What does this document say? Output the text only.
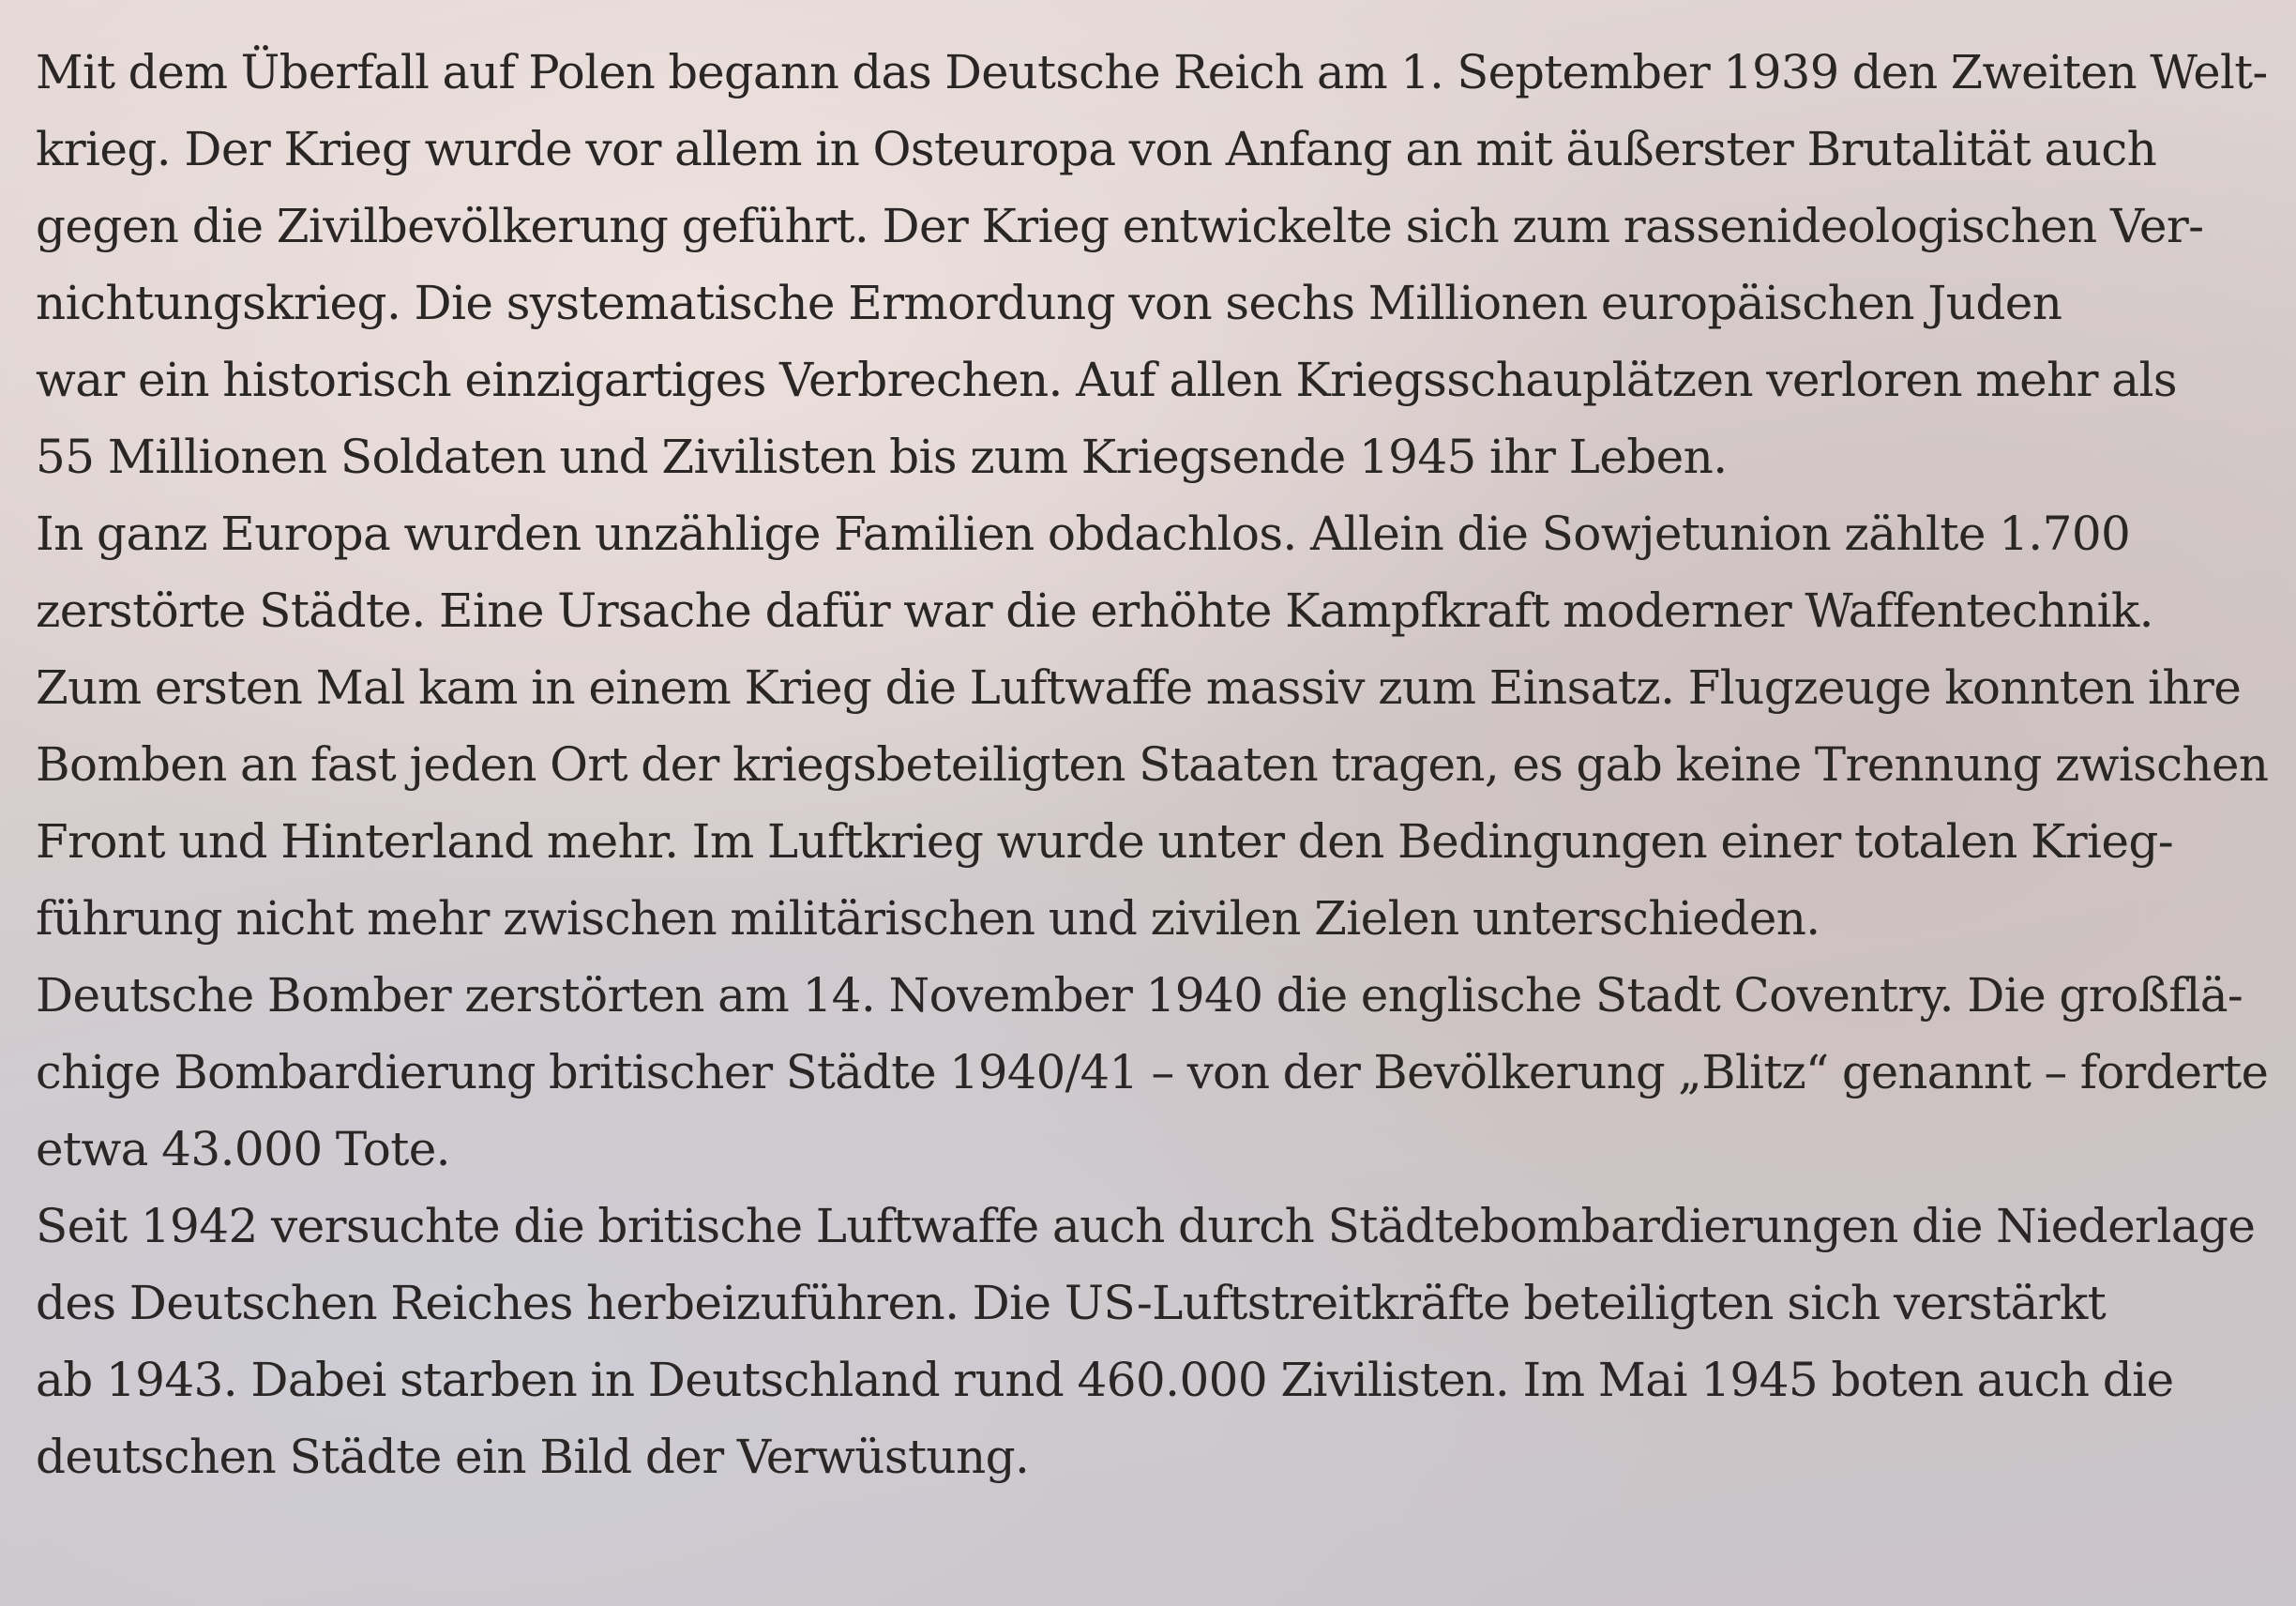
Mit dem Überfall auf Polen begann das Deutsche Reich am 1. September 1939 den Zweiten Welt-
krieg. Der Krieg wurde vor allem in Osteuropa von Anfang an mit äußerster Brutalität auch
gegen die Zivilbevölkerung geführt. Der Krieg entwickelte sich zum rassenideologischen Ver-
nichtungskrieg. Die systematische Ermordung von sechs Millionen europäischen Juden
war ein historisch einzigartiges Verbrechen. Auf allen Kriegsschauplätzen verloren mehr als
55 Millionen Soldaten und Zivilisten bis zum Kriegsende 1945 ihr Leben.
In ganz Europa wurden unzählige Familien obdachlos. Allein die Sowjetunion zählte 1.700
zerstörte Städte. Eine Ursache dafür war die erhöhte Kampfkraft moderner Waffentechnik.
Zum ersten Mal kam in einem Krieg die Luftwaffe massiv zum Einsatz. Flugzeuge konnten ihre
Bomben an fast jeden Ort der kriegsbeteiligten Staaten tragen, es gab keine Trennung zwischen
Front und Hinterland mehr. Im Luftkrieg wurde unter den Bedingungen einer totalen Krieg-
führung nicht mehr zwischen militärischen und zivilen Zielen unterschieden.
Deutsche Bomber zerstörten am 14. November 1940 die englische Stadt Coventry. Die großflä-
chige Bombardierung britischer Städte 1940/41 – von der Bevölkerung „Blitz“ genannt – forderte
etwa 43.000 Tote.
Seit 1942 versuchte die britische Luftwaffe auch durch Städtebombardierungen die Niederlage
des Deutschen Reiches herbeizuführen. Die US-Luftstreitkräfte beteiligten sich verstärkt
ab 1943. Dabei starben in Deutschland rund 460.000 Zivilisten. Im Mai 1945 boten auch die
deutschen Städte ein Bild der Verwüstung.
